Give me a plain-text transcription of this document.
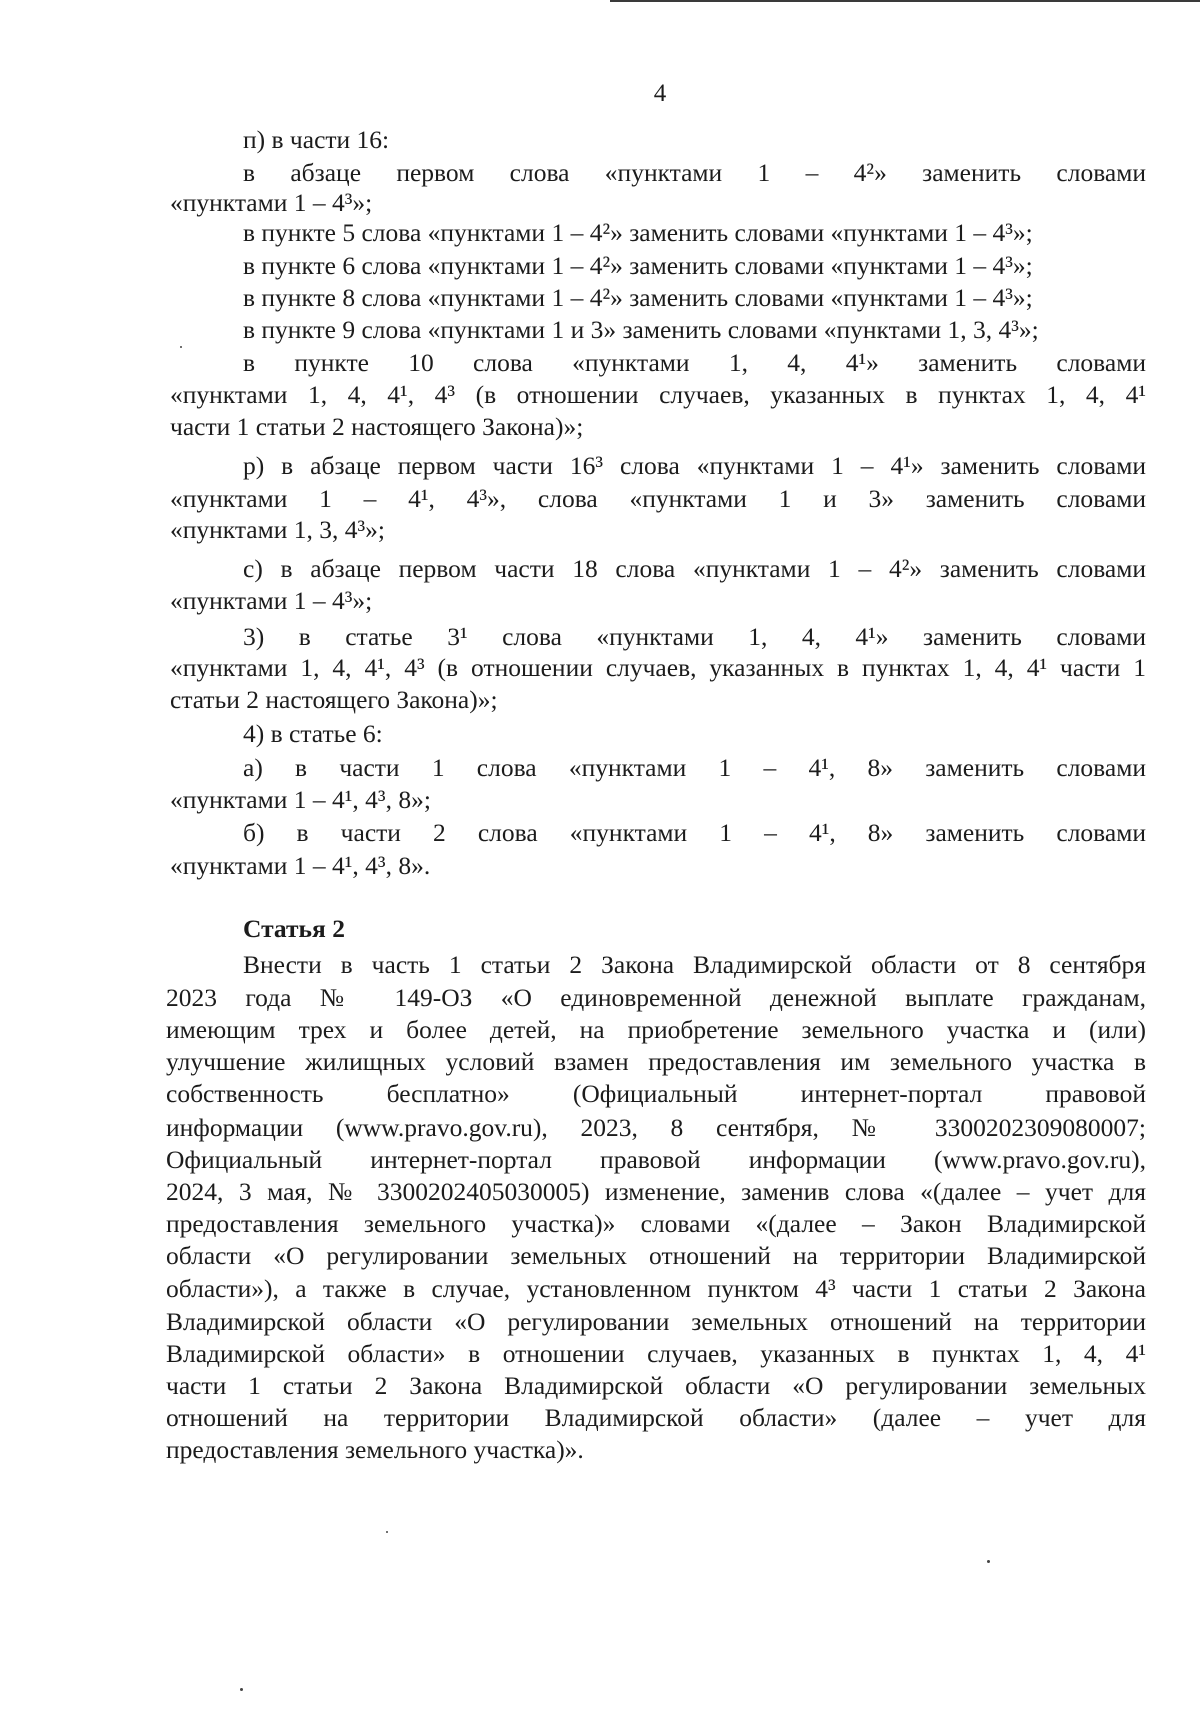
4
п) в части 16:
в абзаце первом слова «пунктами 1 – 4²» заменить словами
«пунктами 1 – 4³»;
в пункте 5 слова «пунктами 1 – 4²» заменить словами «пунктами 1 – 4³»;
в пункте 6 слова «пунктами 1 – 4²» заменить словами «пунктами 1 – 4³»;
в пункте 8 слова «пунктами 1 – 4²» заменить словами «пунктами 1 – 4³»;
в пункте 9 слова «пунктами 1 и 3» заменить словами «пунктами 1, 3, 4³»;
в пункте 10 слова «пунктами 1, 4, 4¹» заменить словами
«пунктами 1, 4, 4¹, 4³ (в отношении случаев, указанных в пунктах 1, 4, 4¹
части 1 статьи 2 настоящего Закона)»;
р) в абзаце первом части 16³ слова «пунктами 1 – 4¹» заменить словами
«пунктами 1 – 4¹, 4³», слова «пунктами 1 и 3» заменить словами
«пунктами 1, 3, 4³»;
с) в абзаце первом части 18 слова «пунктами 1 – 4²» заменить словами
«пунктами 1 – 4³»;
3) в статье 3¹ слова «пунктами 1, 4, 4¹» заменить словами
«пунктами 1, 4, 4¹, 4³ (в отношении случаев, указанных в пунктах 1, 4, 4¹ части 1
статьи 2 настоящего Закона)»;
4) в статье 6:
а) в части 1 слова «пунктами 1 – 4¹, 8» заменить словами
«пунктами 1 – 4¹, 4³, 8»;
б) в части 2 слова «пунктами 1 – 4¹, 8» заменить словами
«пунктами 1 – 4¹, 4³, 8».
Статья 2
Внести в часть 1 статьи 2 Закона Владимирской области от 8 сентября
2023 года № 149-ОЗ «О единовременной денежной выплате гражданам,
имеющим трех и более детей, на приобретение земельного участка и (или)
улучшение жилищных условий взамен предоставления им земельного участка в
собственность бесплатно» (Официальный интернет-портал правовой
информации (www.pravo.gov.ru), 2023, 8 сентября, № 3300202309080007;
Официальный интернет-портал правовой информации (www.pravo.gov.ru),
2024, 3 мая, № 3300202405030005) изменение, заменив слова «(далее – учет для
предоставления земельного участка)» словами «(далее – Закон Владимирской
области «О регулировании земельных отношений на территории Владимирской
области»), а также в случае, установленном пунктом 4³ части 1 статьи 2 Закона
Владимирской области «О регулировании земельных отношений на территории
Владимирской области» в отношении случаев, указанных в пунктах 1, 4, 4¹
части 1 статьи 2 Закона Владимирской области «О регулировании земельных
отношений на территории Владимирской области» (далее – учет для
предоставления земельного участка)».
